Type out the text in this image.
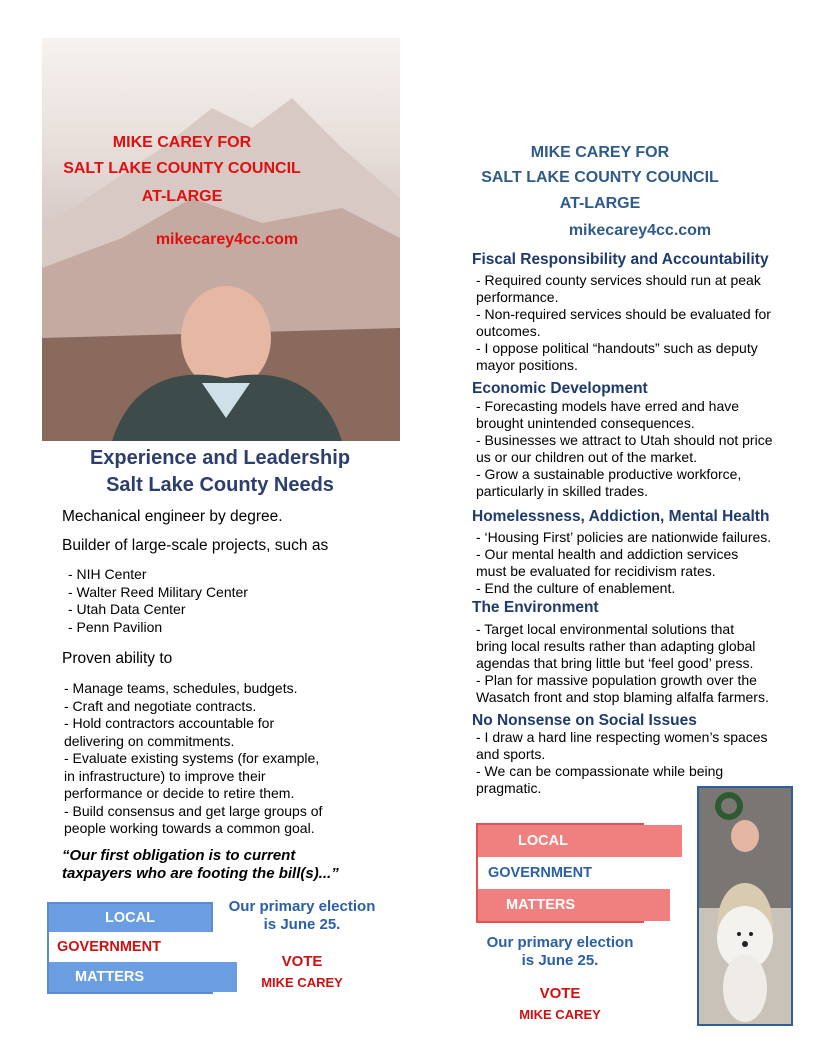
MIKE CAREY FOR
SALT LAKE COUNTY COUNCIL
AT-LARGE
mikecarey4cc.com
Experience and Leadership
Salt Lake County Needs
Mechanical engineer by degree.
Builder of large-scale projects, such as
- NIH Center
- Walter Reed Military Center
- Utah Data Center
- Penn Pavilion
Proven ability to
- Manage teams, schedules, budgets.
- Craft and negotiate contracts.
- Hold contractors accountable for
delivering on commitments.
- Evaluate existing systems (for example,
in infrastructure) to improve their
performance or decide to retire them.
- Build consensus and get large groups of
people working towards a common goal.
“Our first obligation is to current
taxpayers who are footing the bill(s)...”
LOCAL
GOVERNMENT
MATTERS
Our primary election
is June 25.
VOTE
MIKE CAREY
MIKE CAREY FOR
SALT LAKE COUNTY COUNCIL
AT-LARGE
mikecarey4cc.com
Fiscal Responsibility and Accountability
- Required county services should run at peak
performance.
- Non-required services should be evaluated for
outcomes.
- I oppose political “handouts” such as deputy
mayor positions.
Economic Development
- Forecasting models have erred and have
brought unintended consequences.
- Businesses we attract to Utah should not price
us or our children out of the market.
- Grow a sustainable productive workforce,
particularly in skilled trades.
Homelessness, Addiction, Mental Health
- ‘Housing First’ policies are nationwide failures.
- Our mental health and addiction services
must be evaluated for recidivism rates.
- End the culture of enablement.
The Environment
- Target local environmental solutions that
bring local results rather than adapting global
agendas that bring little but ‘feel good’ press.
- Plan for massive population growth over the
Wasatch front and stop blaming alfalfa farmers.
No Nonsense on Social Issues
- I draw a hard line respecting women’s spaces
and sports.
- We can be compassionate while being
pragmatic.
LOCAL
GOVERNMENT
MATTERS
Our primary election
is June 25.
VOTE
MIKE CAREY
